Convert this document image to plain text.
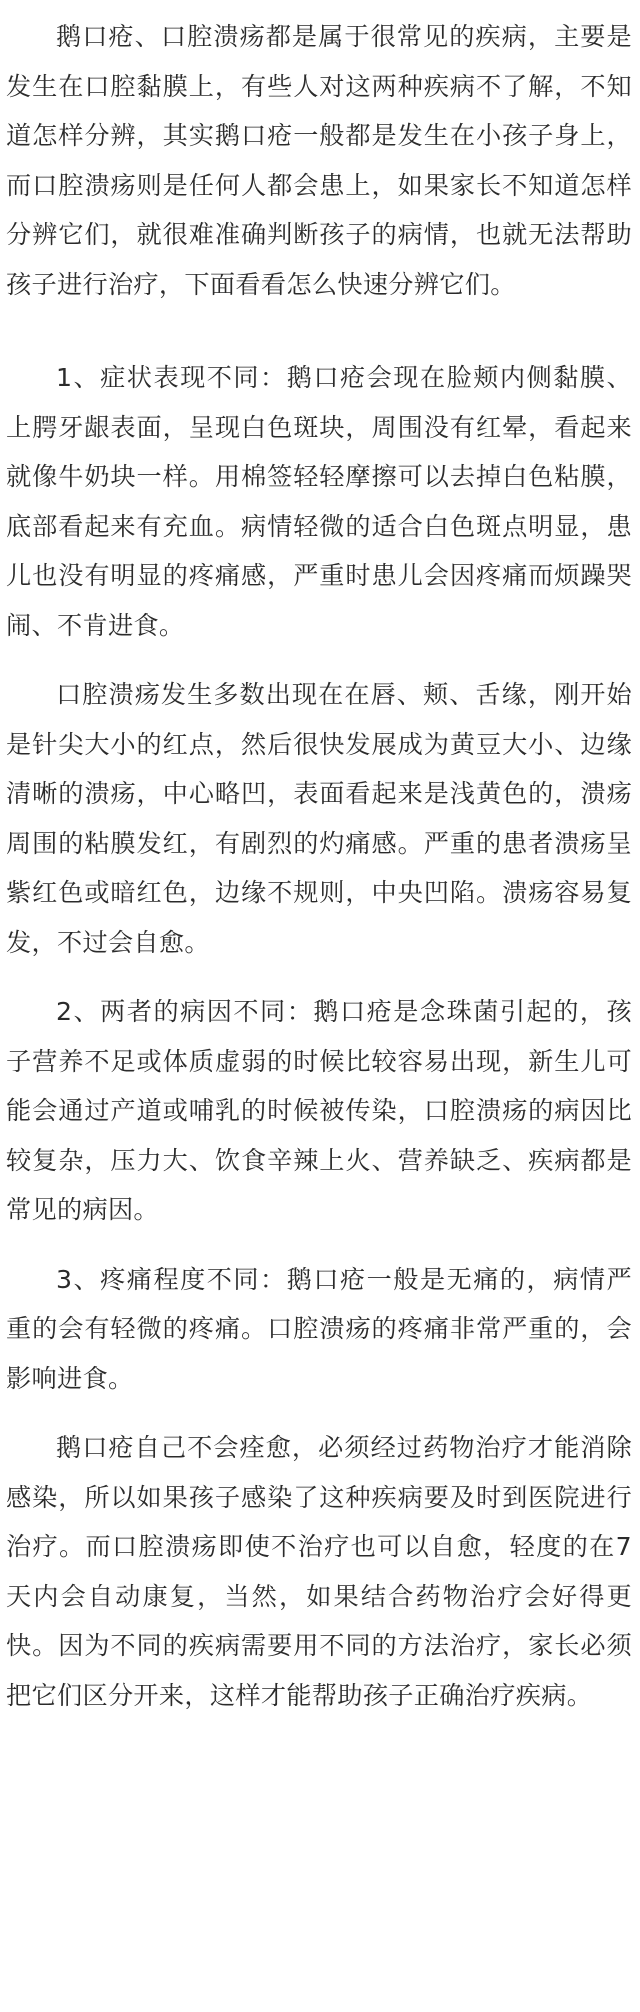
鹅口疮、口腔溃疡都是属于很常见的疾病，主要是发生在口腔黏膜上，有些人对这两种疾病不了解，不知道怎样分辨，其实鹅口疮一般都是发生在小孩子身上，而口腔溃疡则是任何人都会患上，如果家长不知道怎样分辨它们，就很难准确判断孩子的病情，也就无法帮助孩子进行治疗，下面看看怎么快速分辨它们。

1、症状表现不同：鹅口疮会现在脸颊内侧黏膜、上腭牙龈表面，呈现白色斑块，周围没有红晕，看起来就像牛奶块一样。用棉签轻轻摩擦可以去掉白色粘膜，底部看起来有充血。病情轻微的适合白色斑点明显，患儿也没有明显的疼痛感，严重时患儿会因疼痛而烦躁哭闹、不肯进食。

口腔溃疡发生多数出现在在唇、颊、舌缘，刚开始是针尖大小的红点，然后很快发展成为黄豆大小、边缘清晰的溃疡，中心略凹，表面看起来是浅黄色的，溃疡周围的粘膜发红，有剧烈的灼痛感。严重的患者溃疡呈紫红色或暗红色，边缘不规则，中央凹陷。溃疡容易复发，不过会自愈。

2、两者的病因不同：鹅口疮是念珠菌引起的，孩子营养不足或体质虚弱的时候比较容易出现，新生儿可能会通过产道或哺乳的时候被传染，口腔溃疡的病因比较复杂，压力大、饮食辛辣上火、营养缺乏、疾病都是常见的病因。

3、疼痛程度不同：鹅口疮一般是无痛的，病情严重的会有轻微的疼痛。口腔溃疡的疼痛非常严重的，会影响进食。

鹅口疮自己不会痊愈，必须经过药物治疗才能消除感染，所以如果孩子感染了这种疾病要及时到医院进行治疗。而口腔溃疡即使不治疗也可以自愈，轻度的在7天内会自动康复，当然，如果结合药物治疗会好得更快。因为不同的疾病需要用不同的方法治疗，家长必须把它们区分开来，这样才能帮助孩子正确治疗疾病。
